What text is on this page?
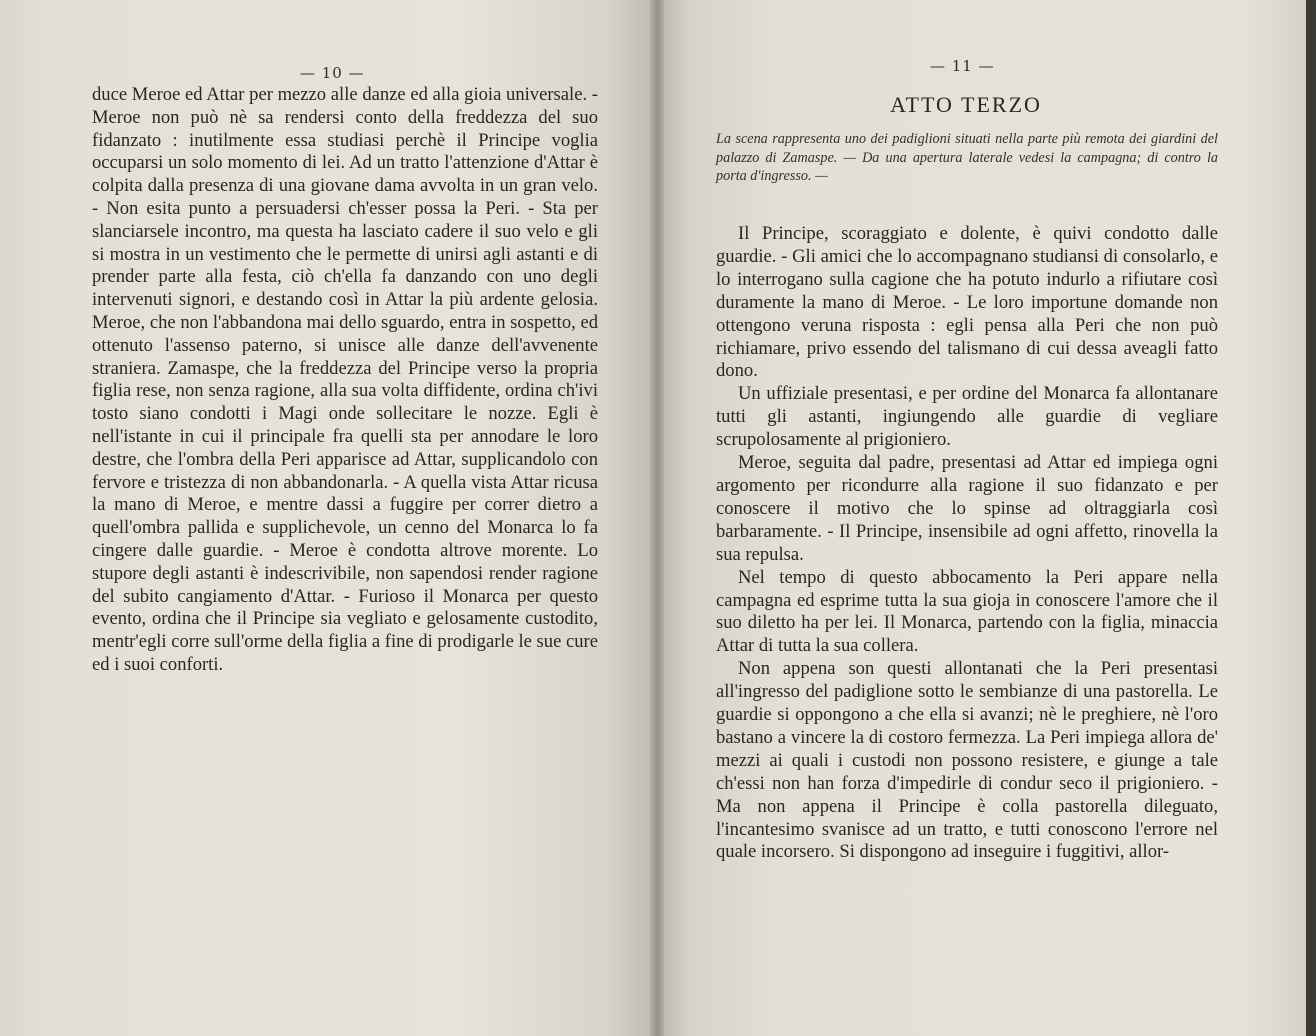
— 10 —

duce Meroe ed Attar per mezzo alle danze ed alla gioia universale. - Meroe non può nè sa rendersi conto della freddezza del suo fidanzato : inutilmente essa studiasi perchè il Principe voglia occuparsi un solo momento di lei. Ad un tratto l'attenzione d'Attar è colpita dalla presenza di una giovane dama avvolta in un gran velo. - Non esita punto a persuadersi ch'esser possa la Peri. - Sta per slanciarsele incontro, ma questa ha lasciato cadere il suo velo e gli si mostra in un vestimento che le permette di unirsi agli astanti e di prender parte alla festa, ciò ch'ella fa danzando con uno degli intervenuti signori, e destando così in Attar la più ardente gelosia. Meroe, che non l'abbandona mai dello sguardo, entra in sospetto, ed ottenuto l'assenso paterno, si unisce alle danze dell'avvenente straniera. Zamaspe, che la freddezza del Principe verso la propria figlia rese, non senza ragione, alla sua volta diffidente, ordina ch'ivi tosto siano condotti i Magi onde sollecitare le nozze. Egli è nell'istante in cui il principale fra quelli sta per annodare le loro destre, che l'ombra della Peri apparisce ad Attar, supplicandolo con fervore e tristezza di non abbandonarla. - A quella vista Attar ricusa la mano di Meroe, e mentre dassi a fuggire per correr dietro a quell'ombra pallida e supplichevole, un cenno del Monarca lo fa cingere dalle guardie. - Meroe è condotta altrove morente. Lo stupore degli astanti è indescrivibile, non sapendosi render ragione del subito cangiamento d'Attar. - Furioso il Monarca per questo evento, ordina che il Principe sia vegliato e gelosamente custodito, mentr'egli corre sull'orme della figlia a fine di prodigarle le sue cure ed i suoi conforti.

— 11 —
ATTO TERZO
La scena rappresenta uno dei padiglioni situati nella parte più remota dei giardini del palazzo di Zamaspe. — Da una apertura laterale vedesi la campagna; di contro la porta d'ingresso. —

Il Principe, scoraggiato e dolente, è quivi condotto dalle guardie. - Gli amici che lo accompagnano studiansi di consolarlo, e lo interrogano sulla cagione che ha potuto indurlo a rifiutare così duramente la mano di Meroe. - Le loro importune domande non ottengono veruna risposta : egli pensa alla Peri che non può richiamare, privo essendo del talismano di cui dessa aveagli fatto dono.

Un uffiziale presentasi, e per ordine del Monarca fa allontanare tutti gli astanti, ingiungendo alle guardie di vegliare scrupolosamente al prigioniero.

Meroe, seguita dal padre, presentasi ad Attar ed impiega ogni argomento per ricondurre alla ragione il suo fidanzato e per conoscere il motivo che lo spinse ad oltraggiarla così barbaramente. - Il Principe, insensibile ad ogni affetto, rinovella la sua repulsa.

Nel tempo di questo abbocamento la Peri appare nella campagna ed esprime tutta la sua gioja in conoscere l'amore che il suo diletto ha per lei. Il Monarca, partendo con la figlia, minaccia Attar di tutta la sua collera.

Non appena son questi allontanati che la Peri presentasi all'ingresso del padiglione sotto le sembianze di una pastorella. Le guardie si oppongono a che ella si avanzi; nè le preghiere, nè l'oro bastano a vincere la di costoro fermezza. La Peri impiega allora de' mezzi ai quali i custodi non possono resistere, e giunge a tale ch'essi non han forza d'impedirle di condur seco il prigioniero. - Ma non appena il Principe è colla pastorella dileguato, l'incantesimo svanisce ad un tratto, e tutti conoscono l'errore nel quale incorsero. Si dispongono ad inseguire i fuggitivi, allor-
